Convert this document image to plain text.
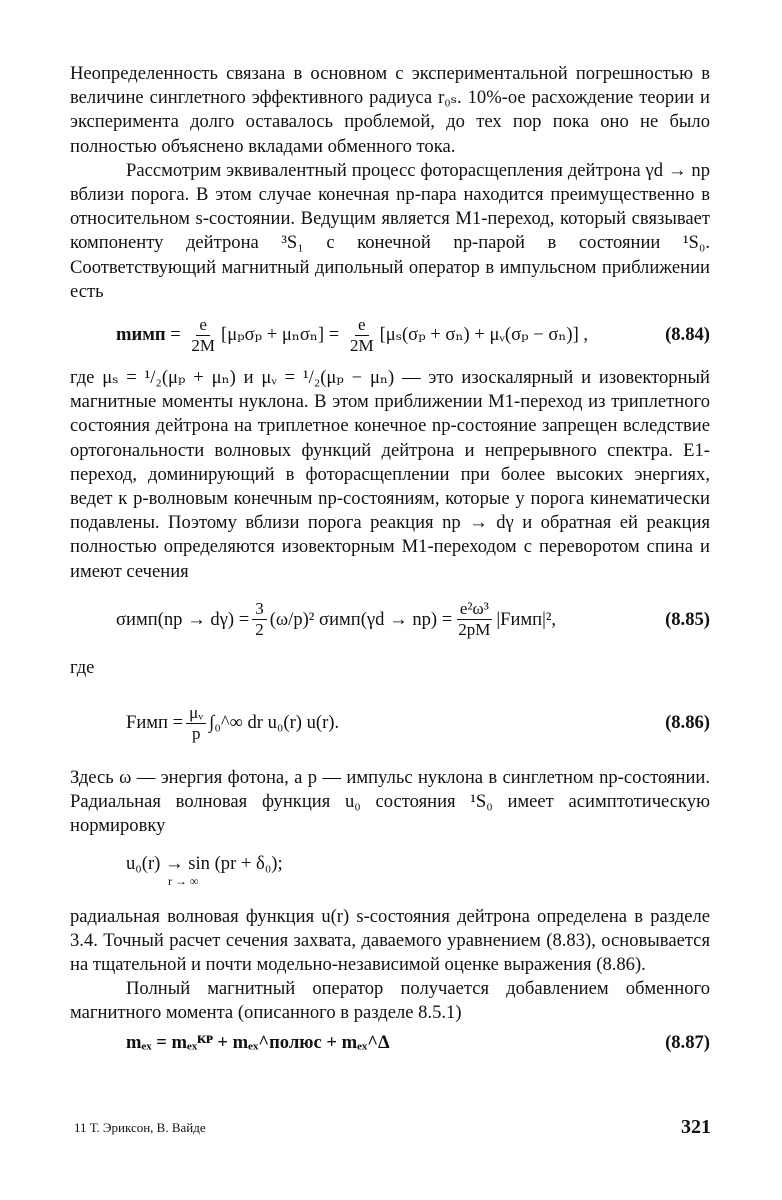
Неопределенность связана в основном с экспериментальной погрешностью в величине синглетного эффективного радиуса r₀ₛ. 10%-ое расхождение теории и эксперимента долго оставалось проблемой, до тех пор пока оно не было полностью объяснено вкладами обменного тока.

Рассмотрим эквивалентный процесс фоторасщепления дейтрона γd → np вблизи порога. В этом случае конечная np-пара находится преимущественно в относительном s-состоянии. Ведущим является M1-переход, который связывает компоненту дейтрона ³S₁ с конечной np-парой в состоянии ¹S₀. Соответствующий магнитный дипольный оператор в импульсном приближении есть

mимп = $\frac{e}{2M} [\mu_p\sigma_p + \mu_n\sigma_n] = \frac{e}{2M} [\mu_s(\sigma_p + \sigma_n)$ + μᵥ(σₚ − σₙ)] ,	(8.84)

где μₛ = ¹/₂(μₚ + μₙ) и μᵥ = ¹/₂(μₚ − μₙ) — это изоскалярный и изовекторный магнитные моменты нуклона. В этом приближении M1-переход из триплетного состояния дейтрона на триплетное конечное np-состояние запрещен вследствие ортогональности волновых функций дейтрона и непрерывного спектра. E1-переход, доминирующий в фоторасщеплении при более высоких энергиях, ведет к p-волновым конечным np-состояниям, которые у порога кинематически подавлены. Поэтому вблизи порога реакция np → dγ и обратная ей реакция полностью определяются изовекторным M1-переходом с переворотом спина и имеют сечения

$\sigma имп(np \to d\gamma) = \frac{3}{2} (\omega/p)^2$
$\sigma имп(\gamma d \to np) = \frac{\text{e²ω³}}{2pM}$ |Fимп|²,	(8.85)

где

Fимп = $\frac{\text{μᵥ}}{p}$ ∫₀^∞ dr u₀(r) u(r).	(8.86)

Здесь ω — энергия фотона, а p — импульс нуклона в синглетном np-состоянии. Радиальная волновая функция u₀ состояния ¹S₀ имеет асимптотическую нормировку

u₀(r) → sin (pr + δ₀);
r → ∞

радиальная волновая функция u(r) s-состояния дейтрона определена в разделе 3.4. Точный расчет сечения захвата, даваемого уравнением (8.83), основывается на тщательной и почти модельно-независимой оценке выражения (8.86).

Полный магнитный оператор получается добавлением обменного магнитного момента (описанного в разделе 8.5.1)

mₑₓ = mₑₓᴷᴾ + mₑₓ^полюс + mₑₓ^Δ	(8.87)
11 Т. Эриксон, В. Вайде	321
